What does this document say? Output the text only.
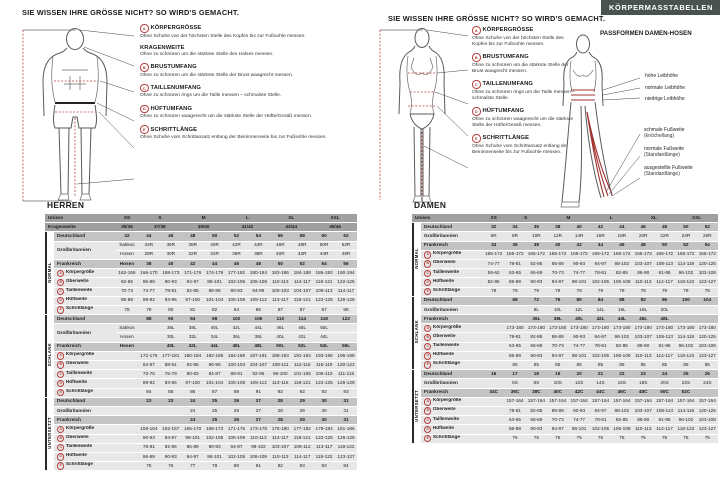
KÖRPERMASSTABELLEN
SIE WISSEN IHRE GRÖSSE NICHT? SO WIRD'S GEMACHT.
A KÖRPERGRÖSSE

Ohne Schuhe von der höchsten Stelle des Kopfes bis zur Fußsohle messen.

KRAGENWEITE

Ohne zu schnüren um die stärkste Stelle des Halses messen.

B BRUSTUMFANG

Ohne zu schnüren um die stärkste Stelle der Brust waagrecht messen.

C TAILLENUMFANG

Ohne zu schnüren rings um die Taille messen – schmalste Stelle.

D HÜFTUMFANG

Ohne zu schnüren waagerecht um die stärkste Stelle der Hüfte/Gesäß messen.

E SCHRITTLÄNGE

Ohne Schuhe vom Schrittansatz entlang der Beininnenseite bis zur Fußsohle messen.

SIE WISSEN IHRE GRÖSSE NICHT? SO WIRD'S GEMACHT.
A KÖRPERGRÖSSE

Ohne Schuhe von der höchsten Stelle des Kopfes bis zur Fußsohle messen.

B BRUSTUMFANG

Ohne zu schnüren um die stärkste Stelle der Brust waagrecht messen.

C TAILLENUMFANG

Ohne zu schnüren rings um die Taille messen – schmalste Stelle.

D HÜFTUMFANG

Ohne zu schnüren waagerecht um die stärkste Stelle der Hüfte/Gesäß messen.

E SCHRITTLÄNGE

Ohne Schuhe vom Schrittansatz entlang der Beininnenseite bis zur Fußsohle messen.

PASSFORMEN DAMEN-HOSEN
hohe Leibhöhe
normale Leibhöhe
niedrige Leibhöhe
schmale Fußweite
(knöchellang)
normale Fußweite
(Standardlänge)
ausgestellte Fußweite
(Standardlänge)
HERREN
Unisex		XS	S		M		L		XL		XXL	
Kragenweite		35/36	37/38		39/40		41/42		43/44		45/46	
NORMAL	Deutschland	42	44	46	48	50	52	54	56	58	60	62
	Großbritannien	Sakkos	34R	36R	38R	40R	42R	44R	46R	48R	50R	52R
		Hosen	28R	30R	32R	34R	36R	38R	40R	42R	44R	46R
	Frankreich	Hosen	38	40	42	44	46	48	50	52	54	56
	A Körpergröße	162-166	166-170	168-173	171-176	174-179	177-182	180-184	183-186	184-188	186-192	190-194
	B Oberweite	82-85	86-89	90-93	94-97	98-101	102-105	106-109	110-113	114-117	118-121	122-125
	C Taillenweite	70-73	74-77	78-81	82-85	86-89	90-93	94-99	100-103	104-107	109-113	114-117
	D Hüftweite	85-88	89-92	93-96	97-100	101-104	105-108	109-112	113-117	118-121	122-125	126-129
	E Schrittlänge	78	79	80	81	82	84	86	87	87	87	88
SCHLANK	Deutschland		88	90	94	98	102	106	110	114	118	122
	Großbritannien	Sakkos		36L	38L	40L	42L	44L	46L	48L	50L	
		Hosen		30L	32L	34L	36L	38L	40L	42L	44L	
	Frankreich	Hosen		40L	42L	44L	46L	48L	50L	52L	54L	56L
	A Körpergröße		172-176	177-181	180-184	182-186	184-188	187-191	189-193	191-194	193-196	195-198
	B Oberweite		84-87	88-91	92-95	96-99	100-103	104-107	108-111	112-115	116-119	120-123
	C Taillenweite		72-75	76-79	80-83	84-87	88-91	92-95	96-100	101-105	106-110	111-115
	D Hüftweite		89-92	93-96	97-100	101-104	105-108	109-112	113-116	118-121	122-125	126-129
	E Schrittlänge		84	85	86	87	89	91	92	92	92	93
UNTERSETZT	Deutschland		22	23	24	25	26	27	28	29	30	31
	Großbritannien				24	25	26	27	28	29	30	31
	Frankreich				24	25	26	27	28	29	30	31
	A Körpergröße		159-164	162-167	165-170	168-173	171-176	173-178	175-180	177-182	179-184	181-186
	B Oberweite		90-93	94-97	98-101	102-105	106-109	110-113	114-117	118-121	122-125	126-129
	C Taillenweite		78-81	82-85	86-89	90-93	94-97	98-102	103-107	108-112	113-117	118-122
	D Hüftweite		86-89	90-93	94-97	98-101	102-105	106-109	110-113	114-117	118-122	123-127
	E Schrittlänge		75	76	77	78	80	81	82	83	83	84
DAMEN
Unisex		XS	S		M		L		XL		XXL	
NORMAL	Deutschland	32	34	36	38	40	42	44	46	48	50	52
	Großbritannien	6R	8R	10R	12R	14R	16R	18R	20R	22R	24R	26R
	Frankreich	34	36	38	40	42	44	46	48	50	52	54
	A Körpergröße	165-172	165-172	165-172	165-172	165-172	165-172	165-172	165-172	165-172	165-172	165-172
	B Oberweite	74-77	78-81	82-85	86-89	90-93	94-97	98-102	103-107	108-113	114-119	120-125
	C Taillenweite	59-62	63-65	66-69	70-73	74-77	78-81	82-85	86-90	91-95	96-102	103-108
	D Hüftweite	82-85	86-89	90-93	94-97	98-101	102-105	106-109	110-113	114-117	118-122	123-127
	E Schrittlänge	79	79	79	79	79	79	79	79	79	79	79
SCHLANK	Deutschland		68	72	76	80	84	88	92	96	100	104
	Großbritannien			8L	10L	12L	14L	16L	18L	20L		
	Frankreich			36L	38L	40L	42L	44L	46L	48L		
	A Körpergröße		173-180	173-180	173-180	173-180	173-180	173-180	173-180	173-180	173-180	173-180
	B Oberweite		78-81	82-85	86-89	90-93	94-97	98-102	103-107	108-113	114-119	120-125
	C Taillenweite		63-65	66-69	70-73	74-77	78-81	82-85	86-90	91-95	96-102	103-108
	D Hüftweite		86-89	90-93	94-97	98-101	102-105	106-109	110-113	114-117	118-122	123-127
	E Schrittlänge		85	85	85	85	85	85	85	85	85	85
UNTERSETZT	Deutschland	16	17	18	19	20	21	22	23	24	25	26
	Großbritannien		6S	8S	10S	12S	14S	16S	18S	20S	22S	24S
	Frankreich	34C	36C	38C	40C	42C	44C	46C	48C	50C	52C	
	A Körpergröße		157-164	157-164	157-164	157-164	157-164	157-164	157-164	157-164	157-164	157-164
	B Oberweite		78-81	82-85	86-89	90-93	94-97	98-102	103-107	108-113	114-119	120-125
	C Taillenweite		63-65	66-69	70-73	74-77	78-81	82-85	86-90	91-95	96-102	103-108
	D Hüftweite		86-89	90-93	94-97	98-101	102-105	106-109	110-113	114-117	118-122	123-127
	E Schrittlänge		75	75	75	75	75	75	75	75	75	75
